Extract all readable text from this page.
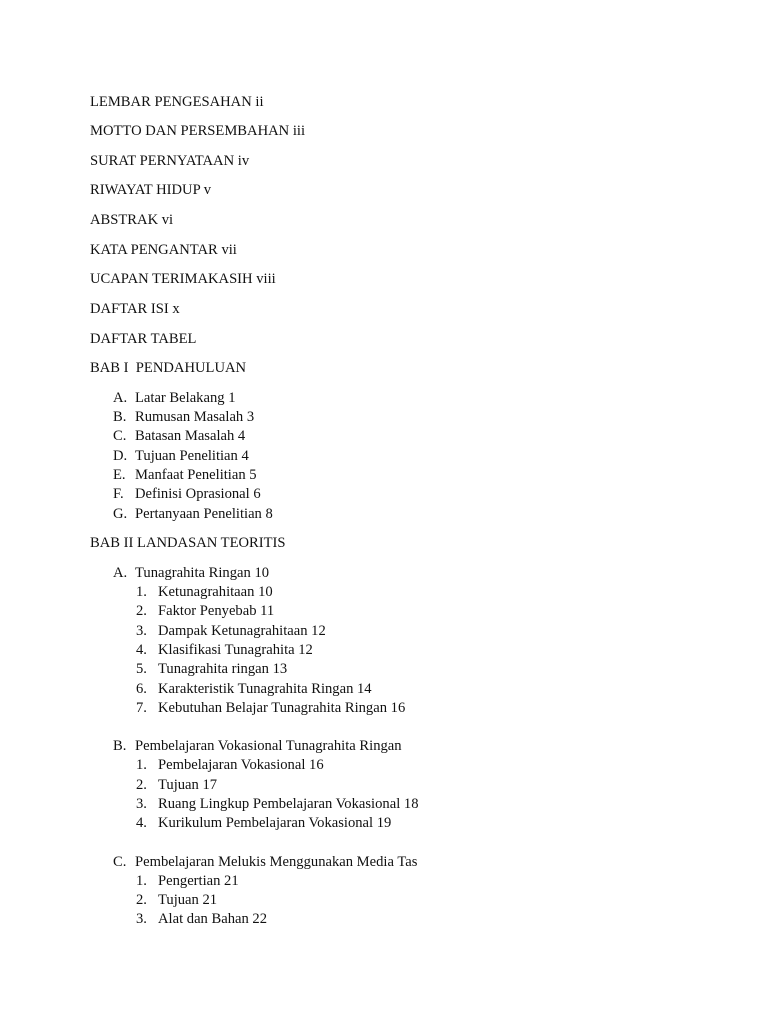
LEMBAR PENGESAHAN ii
MOTTO DAN PERSEMBAHAN iii
SURAT PERNYATAAN iv
RIWAYAT HIDUP v
ABSTRAK vi
KATA PENGANTAR vii
UCAPAN TERIMAKASIH viii
DAFTAR ISI x
DAFTAR TABEL
BAB I  PENDAHULUAN
A. Latar Belakang 1
B. Rumusan Masalah 3
C. Batasan Masalah 4
D. Tujuan Penelitian 4
E. Manfaat Penelitian 5
F. Definisi Oprasional 6
G. Pertanyaan Penelitian 8
BAB II LANDASAN TEORITIS
A. Tunagrahita Ringan 10
1. Ketunagrahitaan 10
2. Faktor Penyebab 11
3. Dampak Ketunagrahitaan 12
4. Klasifikasi Tunagrahita 12
5. Tunagrahita ringan 13
6. Karakteristik Tunagrahita Ringan 14
7. Kebutuhan Belajar Tunagrahita Ringan 16
B. Pembelajaran Vokasional Tunagrahita Ringan
1. Pembelajaran Vokasional 16
2. Tujuan 17
3. Ruang Lingkup Pembelajaran Vokasional 18
4. Kurikulum Pembelajaran Vokasional 19
C. Pembelajaran Melukis Menggunakan Media Tas
1. Pengertian 21
2. Tujuan 21
3. Alat dan Bahan 22
